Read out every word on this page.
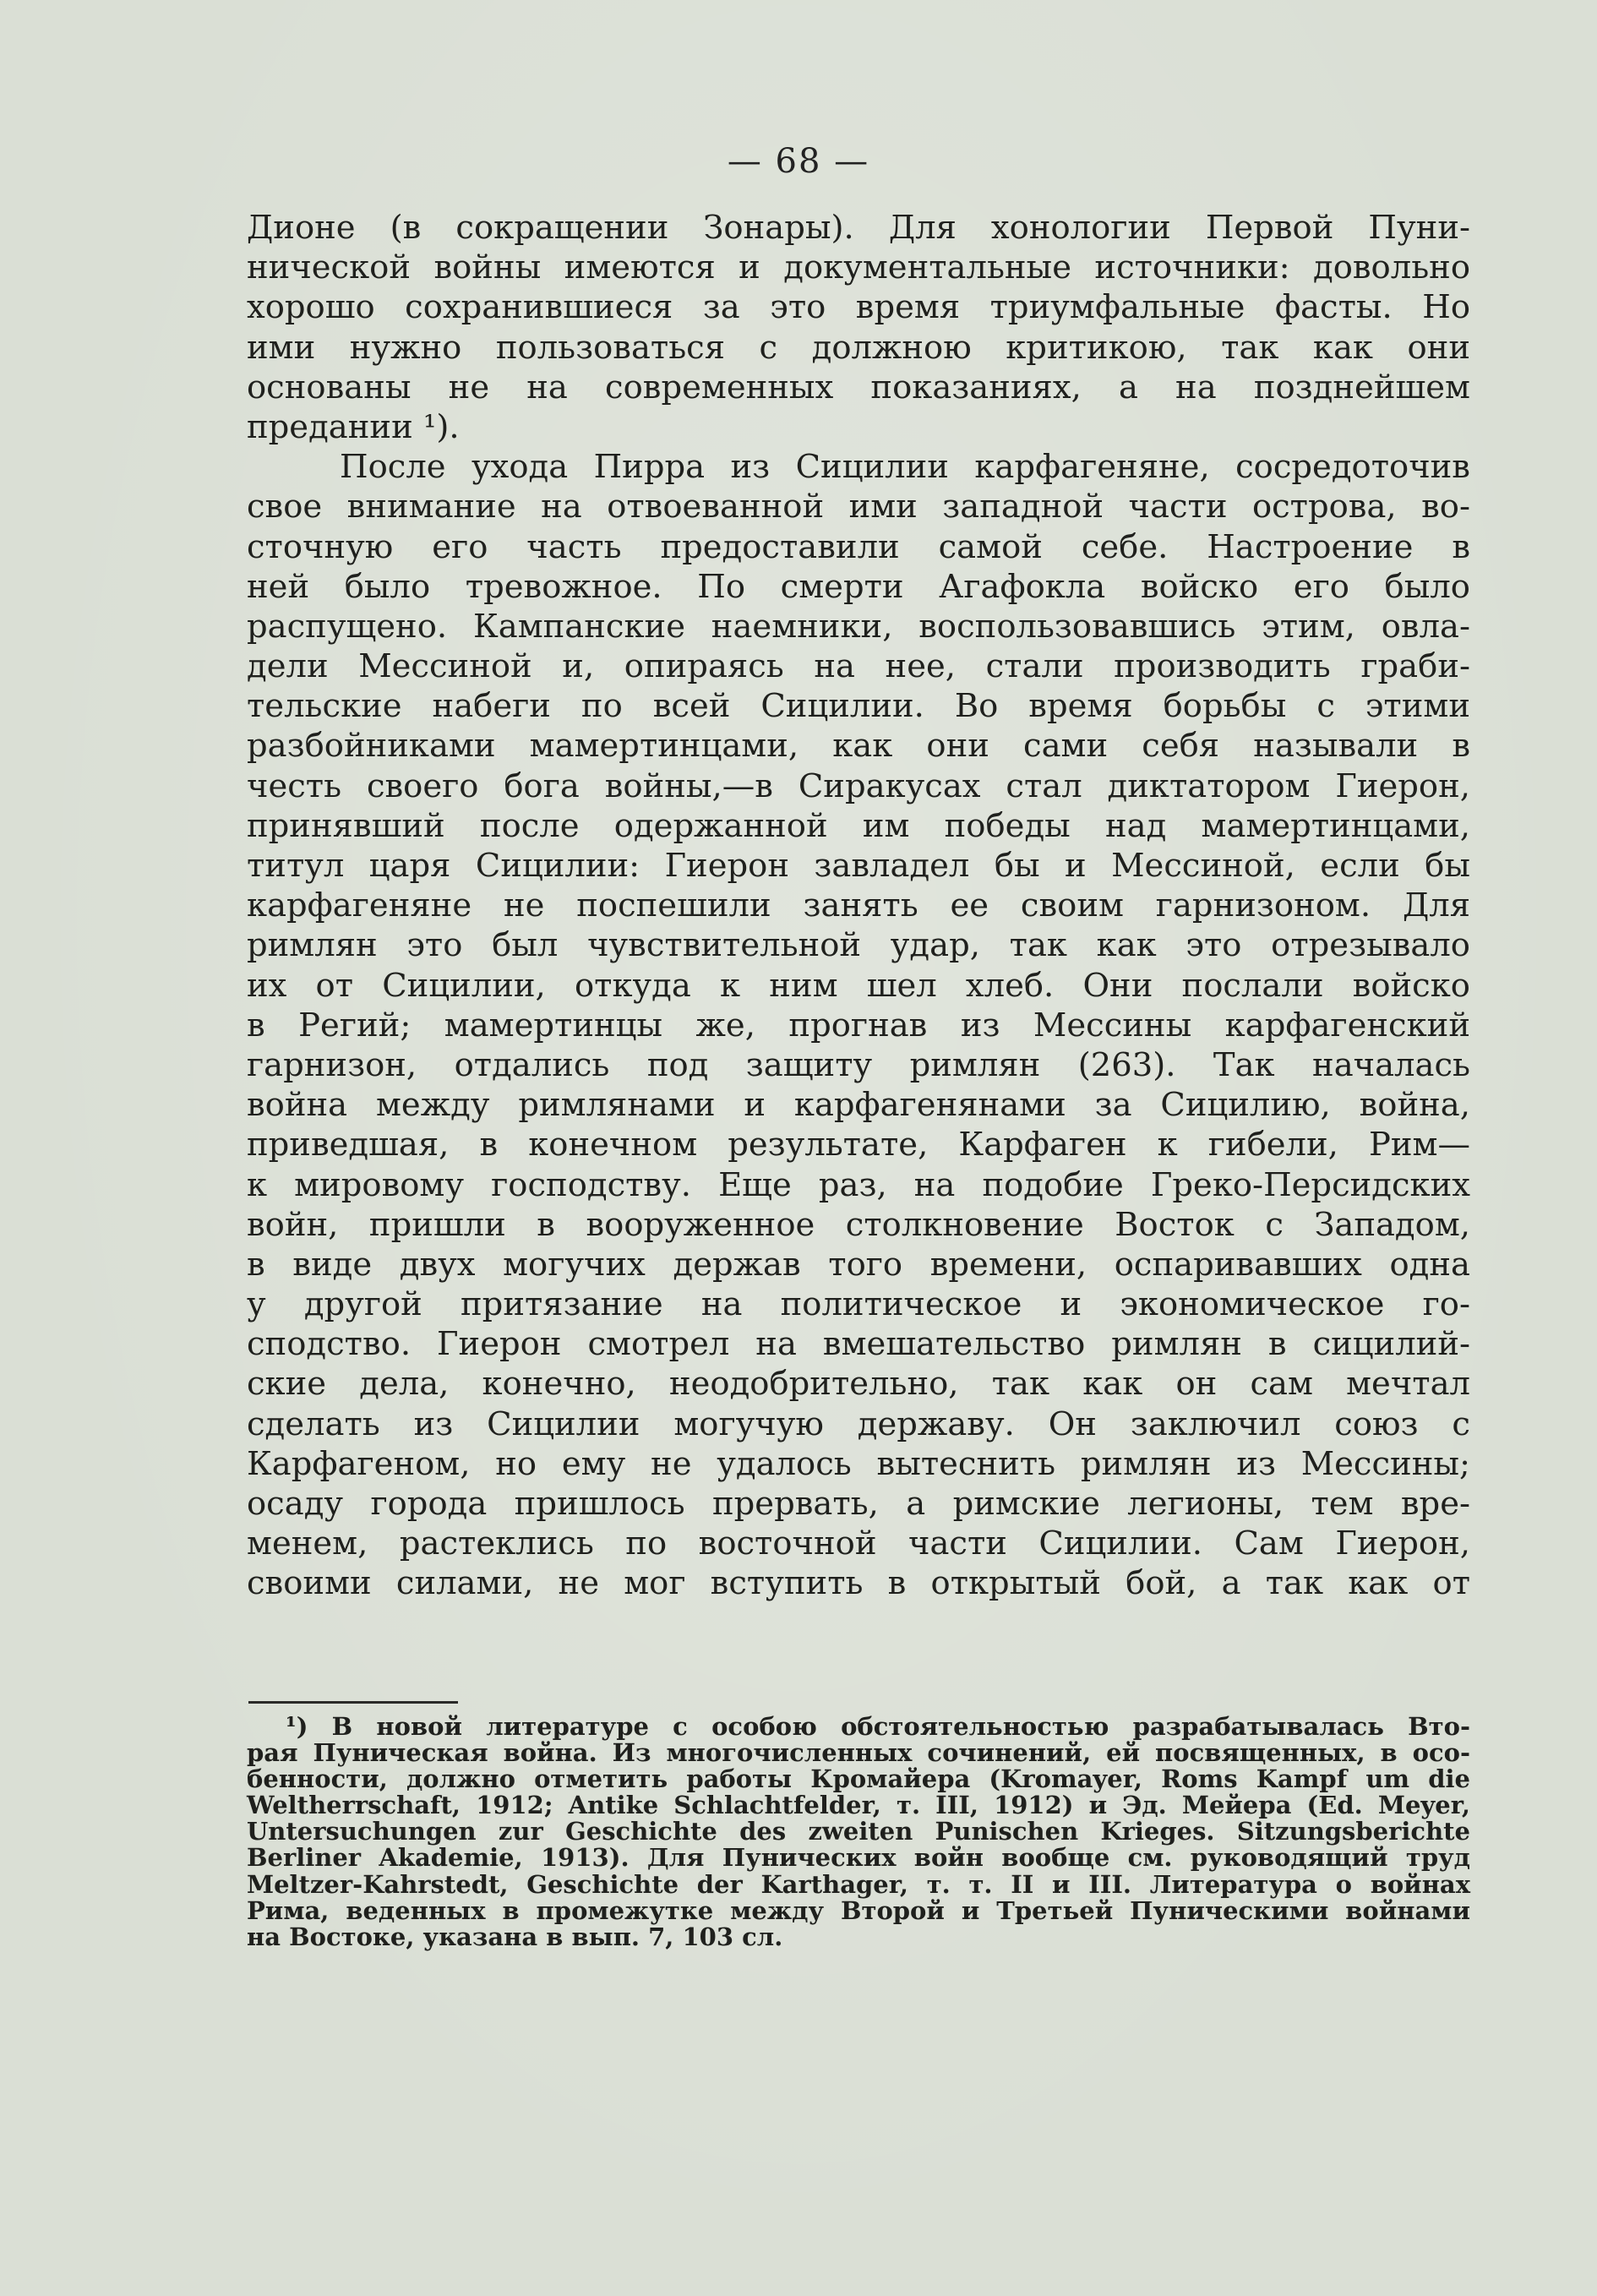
— 68 —
Дионе (в сокращении Зонары). Для хонологии Первой Пуни-
нической войны имеются и документальные источники: довольно
хорошо сохранившиеся за это время триумфальные фасты. Но
ими нужно пользоваться с должною критикою, так как они
основаны не на современных показаниях, а на позднейшем
предании ¹).
После ухода Пирра из Сицилии карфагеняне, сосредоточив
свое внимание на отвоеванной ими западной части острова, во-
сточную его часть предоставили самой себе. Настроение в
ней было тревожное. По смерти Агафокла войско его было
распущено. Кампанские наемники, воспользовавшись этим, овла-
дели Мессиной и, опираясь на нее, стали производить граби-
тельские набеги по всей Сицилии. Во время борьбы с этими
разбойниками мамертинцами, как они сами себя называли в
честь своего бога войны,—в Сиракусах стал диктатором Гиерон,
принявший после одержанной им победы над мамертинцами,
титул царя Сицилии: Гиерон завладел бы и Мессиной, если бы
карфагеняне не поспешили занять ее своим гарнизоном. Для
римлян это был чувствительной удар, так как это отрезывало
их от Сицилии, откуда к ним шел хлеб. Они послали войско
в Регий; мамертинцы же, прогнав из Мессины карфагенский
гарнизон, отдались под защиту римлян (263). Так началась
война между римлянами и карфагенянами за Сицилию, война,
приведшая, в конечном результате, Карфаген к гибели, Рим—
к мировому господству. Еще раз, на подобие Греко-Персидских
войн, пришли в вооруженное столкновение Восток с Западом,
в виде двух могучих держав того времени, оспаривавших одна
у другой притязание на политическое и экономическое го-
сподство. Гиерон смотрел на вмешательство римлян в сицилий-
ские дела, конечно, неодобрительно, так как он сам мечтал
сделать из Сицилии могучую державу. Он заключил союз с
Карфагеном, но ему не удалось вытеснить римлян из Мессины;
осаду города пришлось прервать, а римские легионы, тем вре-
менем, растеклись по восточной части Сицилии. Сам Гиерон,
своими силами, не мог вступить в открытый бой, а так как от
¹) В новой литературе с особою обстоятельностью разрабатывалась Вто-
рая Пуническая война. Из многочисленных сочинений, ей посвященных, в осо-
бенности, должно отметить работы Кромайера (Kromayer, Roms Kampf um die
Weltherrschaft, 1912; Antike Schlachtfelder, т. III, 1912) и Эд. Мейера (Ed. Meyer,
Untersuchungen zur Geschichte des zweiten Punischen Krieges. Sitzungsberichte
Berliner Akademie, 1913). Для Пунических войн вообще см. руководящий труд
Meltzer-Kahrstedt, Geschichte der Karthager, т. т. II и III. Литература о войнах
Рима, веденных в промежутке между Второй и Третьей Пуническими войнами
на Востоке, указана в вып. 7, 103 сл.
